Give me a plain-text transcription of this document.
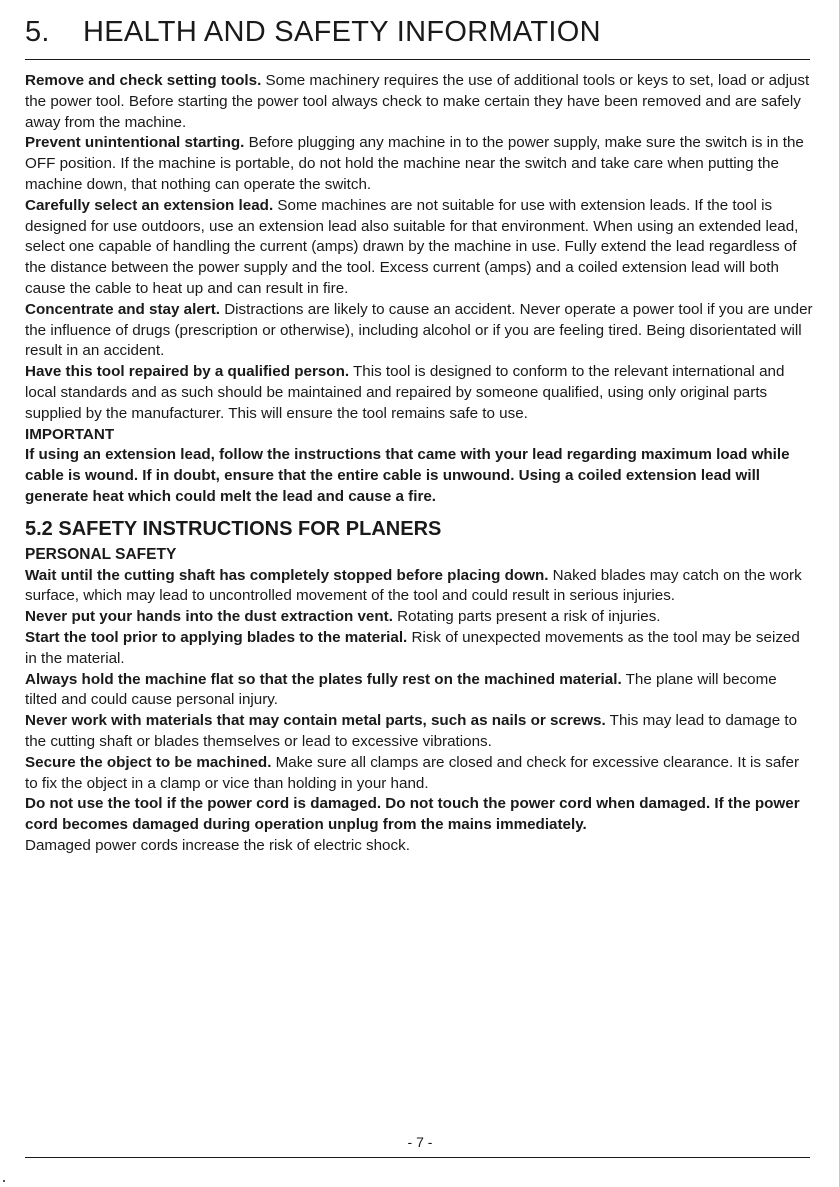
5. HEALTH AND SAFETY INFORMATION

Remove and check setting tools. Some machinery requires the use of additional tools or keys to set, load or adjust the power tool. Before starting the power tool always check to make certain they have been removed and are safely away from the machine.

Prevent unintentional starting. Before plugging any machine in to the power supply, make sure the switch is in the OFF position. If the machine is portable, do not hold the machine near the switch and take care when putting the machine down, that nothing can operate the switch.

Carefully select an extension lead. Some machines are not suitable for use with extension leads. If the tool is designed for use outdoors, use an extension lead also suitable for that environment. When using an extended lead, select one capable of handling the current (amps) drawn by the machine in use. Fully extend the lead regardless of the distance between the power supply and the tool. Excess current (amps) and a coiled extension lead will both cause the cable to heat up and can result in fire.

Concentrate and stay alert. Distractions are likely to cause an accident. Never operate a power tool if you are under the influence of drugs (prescription or otherwise), including alcohol or if you are feeling tired. Being disorientated will result in an accident.

Have this tool repaired by a qualified person. This tool is designed to conform to the relevant international and local standards and as such should be maintained and repaired by someone qualified, using only original parts supplied by the manufacturer. This will ensure the tool remains safe to use.

IMPORTANT

If using an extension lead, follow the instructions that came with your lead regarding maximum load while cable is wound. If in doubt, ensure that the entire cable is unwound. Using a coiled extension lead will generate heat which could melt the lead and cause a fire.

5.2 SAFETY INSTRUCTIONS FOR PLANERS

PERSONAL SAFETY

Wait until the cutting shaft has completely stopped before placing down. Naked blades may catch on the work surface, which may lead to uncontrolled movement of the tool and could result in serious injuries.

Never put your hands into the dust extraction vent. Rotating parts present a risk of injuries.

Start the tool prior to applying blades to the material. Risk of unexpected movements as the tool may be seized in the material.

Always hold the machine flat so that the plates fully rest on the machined material. The plane will become tilted and could cause personal injury.

Never work with materials that may contain metal parts, such as nails or screws. This may lead to damage to the cutting shaft or blades themselves or lead to excessive vibrations.

Secure the object to be machined. Make sure all clamps are closed and check for excessive clearance. It is safer to fix the object in a clamp or vice than holding in your hand.

Do not use the tool if the power cord is damaged. Do not touch the power cord when damaged. If the power cord becomes damaged during operation unplug from the mains immediately.
Damaged power cords increase the risk of electric shock.

- 7 -
